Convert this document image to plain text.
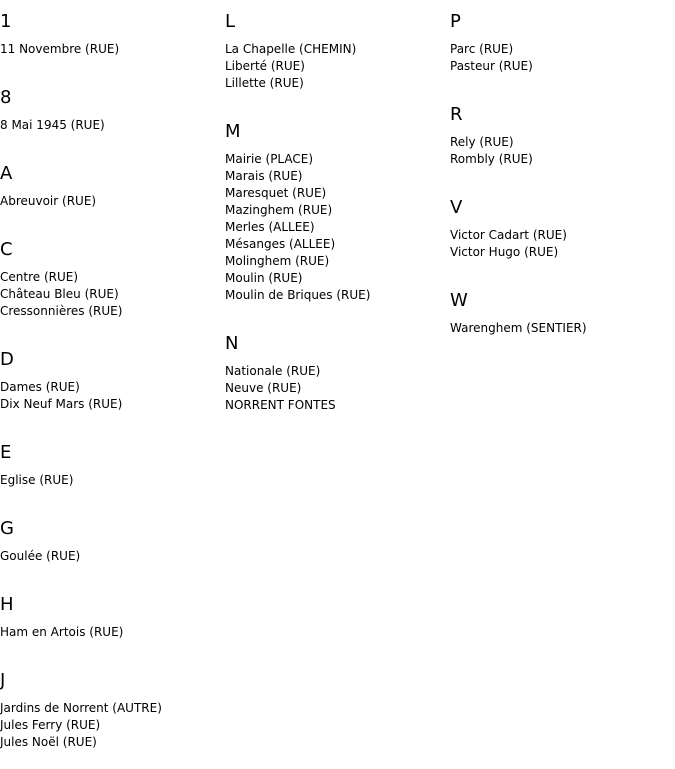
1
11 Novembre (RUE)
8
8 Mai 1945 (RUE)
A
Abreuvoir (RUE)
C
Centre (RUE)
Château Bleu (RUE)
Cressonnières (RUE)
D
Dames (RUE)
Dix Neuf Mars (RUE)
E
Eglise (RUE)
G
Goulée (RUE)
H
Ham en Artois (RUE)
J
Jardins de Norrent (AUTRE)
Jules Ferry (RUE)
Jules Noël (RUE)
L
La Chapelle (CHEMIN)
Liberté (RUE)
Lillette (RUE)
M
Mairie (PLACE)
Marais (RUE)
Maresquet (RUE)
Mazinghem (RUE)
Merles (ALLEE)
Mésanges (ALLEE)
Molinghem (RUE)
Moulin (RUE)
Moulin de Briques (RUE)
N
Nationale (RUE)
Neuve (RUE)
NORRENT FONTES
P
Parc (RUE)
Pasteur (RUE)
R
Rely (RUE)
Rombly (RUE)
V
Victor Cadart (RUE)
Victor Hugo (RUE)
W
Warenghem (SENTIER)
